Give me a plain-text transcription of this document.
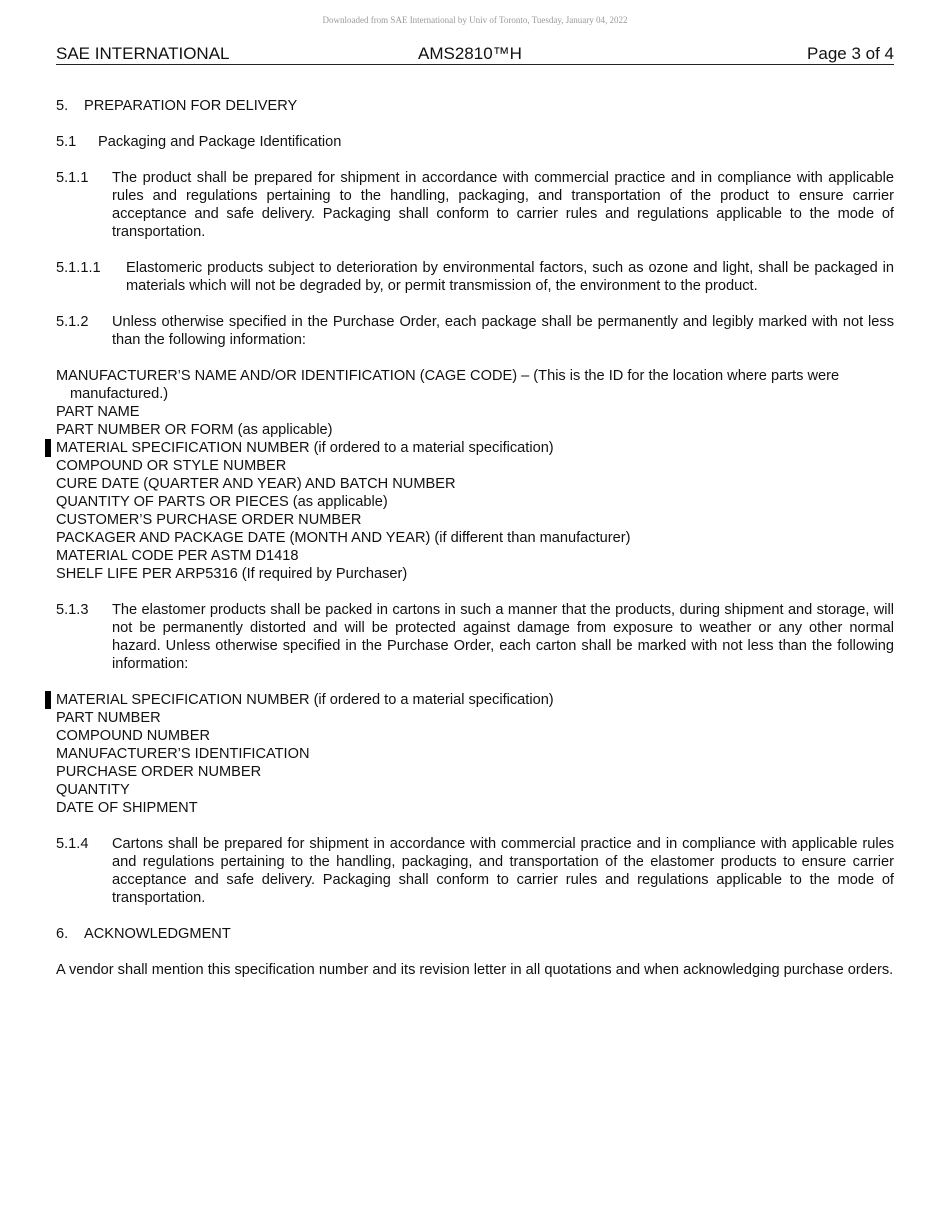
Downloaded from SAE International by Univ of Toronto, Tuesday, January 04, 2022
SAE INTERNATIONAL	AMS2810™H	Page 3 of 4
5. PREPARATION FOR DELIVERY
5.1 Packaging and Package Identification
5.1.1 The product shall be prepared for shipment in accordance with commercial practice and in compliance with applicable rules and regulations pertaining to the handling, packaging, and transportation of the product to ensure carrier acceptance and safe delivery. Packaging shall conform to carrier rules and regulations applicable to the mode of transportation.
5.1.1.1 Elastomeric products subject to deterioration by environmental factors, such as ozone and light, shall be packaged in materials which will not be degraded by, or permit transmission of, the environment to the product.
5.1.2 Unless otherwise specified in the Purchase Order, each package shall be permanently and legibly marked with not less than the following information:
MANUFACTURER’S NAME AND/OR IDENTIFICATION (CAGE CODE) – (This is the ID for the location where parts were manufactured.)
PART NAME
PART NUMBER OR FORM (as applicable)
MATERIAL SPECIFICATION NUMBER (if ordered to a material specification)
COMPOUND OR STYLE NUMBER
CURE DATE (QUARTER AND YEAR) AND BATCH NUMBER
QUANTITY OF PARTS OR PIECES (as applicable)
CUSTOMER’S PURCHASE ORDER NUMBER
PACKAGER AND PACKAGE DATE (MONTH AND YEAR) (if different than manufacturer)
MATERIAL CODE PER ASTM D1418
SHELF LIFE PER ARP5316 (If required by Purchaser)
5.1.3 The elastomer products shall be packed in cartons in such a manner that the products, during shipment and storage, will not be permanently distorted and will be protected against damage from exposure to weather or any other normal hazard. Unless otherwise specified in the Purchase Order, each carton shall be marked with not less than the following information:
MATERIAL SPECIFICATION NUMBER (if ordered to a material specification)
PART NUMBER
COMPOUND NUMBER
MANUFACTURER’S IDENTIFICATION
PURCHASE ORDER NUMBER
QUANTITY
DATE OF SHIPMENT
5.1.4 Cartons shall be prepared for shipment in accordance with commercial practice and in compliance with applicable rules and regulations pertaining to the handling, packaging, and transportation of the elastomer products to ensure carrier acceptance and safe delivery. Packaging shall conform to carrier rules and regulations applicable to the mode of transportation.
6. ACKNOWLEDGMENT
A vendor shall mention this specification number and its revision letter in all quotations and when acknowledging purchase orders.
